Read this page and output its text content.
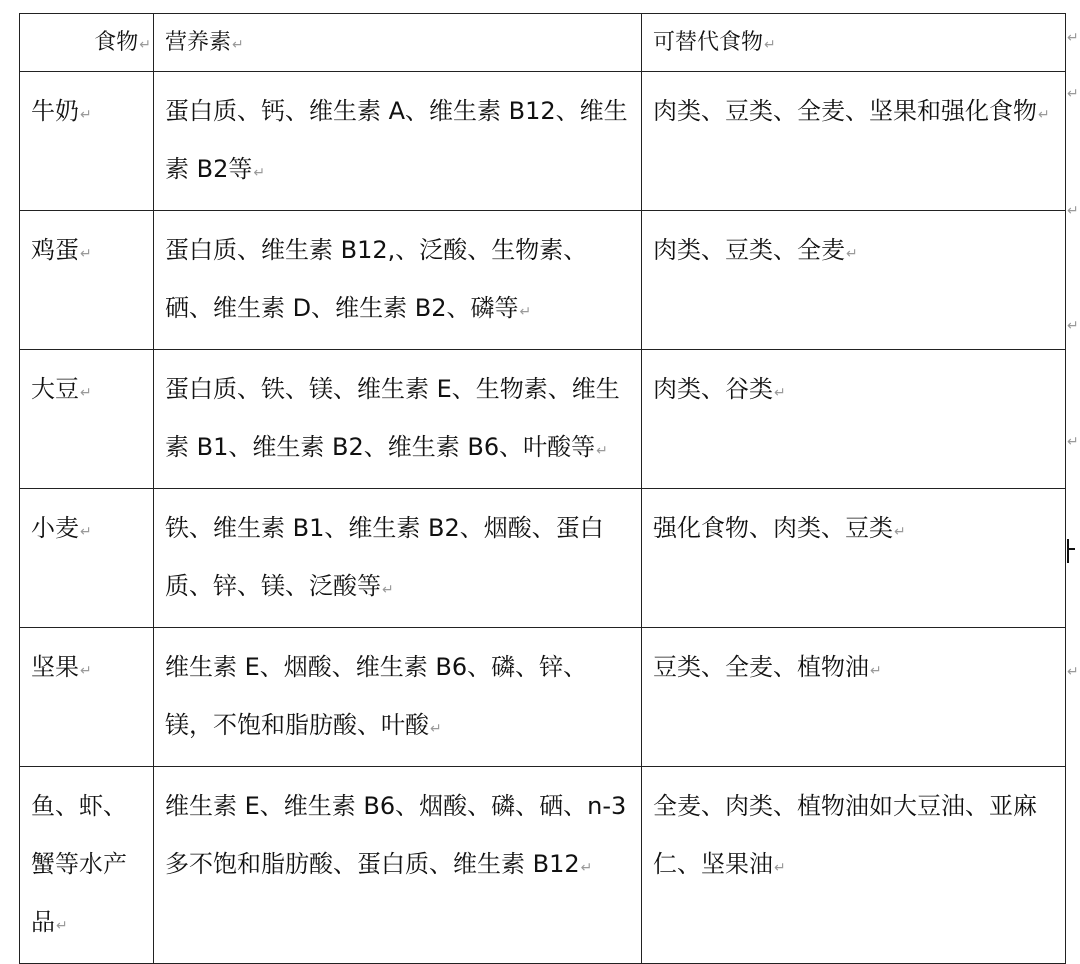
食物↵	营养素↵	可替代食物↵
牛奶↵	蛋白质、钙、维生素 A、维生素 B12、维生素 B2等↵	肉类、豆类、全麦、坚果和强化食物↵
鸡蛋↵	蛋白质、维生素 B12,、泛酸、生物素、硒、维生素 D、维生素 B2、磷等↵	肉类、豆类、全麦↵
大豆↵	蛋白质、铁、镁、维生素 E、生物素、维生素 B1、维生素 B2、维生素 B6、叶酸等↵	肉类、谷类↵
小麦↵	铁、维生素 B1、维生素 B2、烟酸、蛋白质、锌、镁、泛酸等↵	强化食物、肉类、豆类↵
坚果↵	维生素 E、烟酸、维生素 B6、磷、锌、镁，不饱和脂肪酸、叶酸↵	豆类、全麦、植物油↵
鱼、虾、蟹等水产品↵	维生素 E、维生素 B6、烟酸、磷、硒、n-3 多不饱和脂肪酸、蛋白质、维生素 B12↵	全麦、肉类、植物油如大豆油、亚麻仁、坚果油↵
↵
↵
↵
↵
↵
↵
